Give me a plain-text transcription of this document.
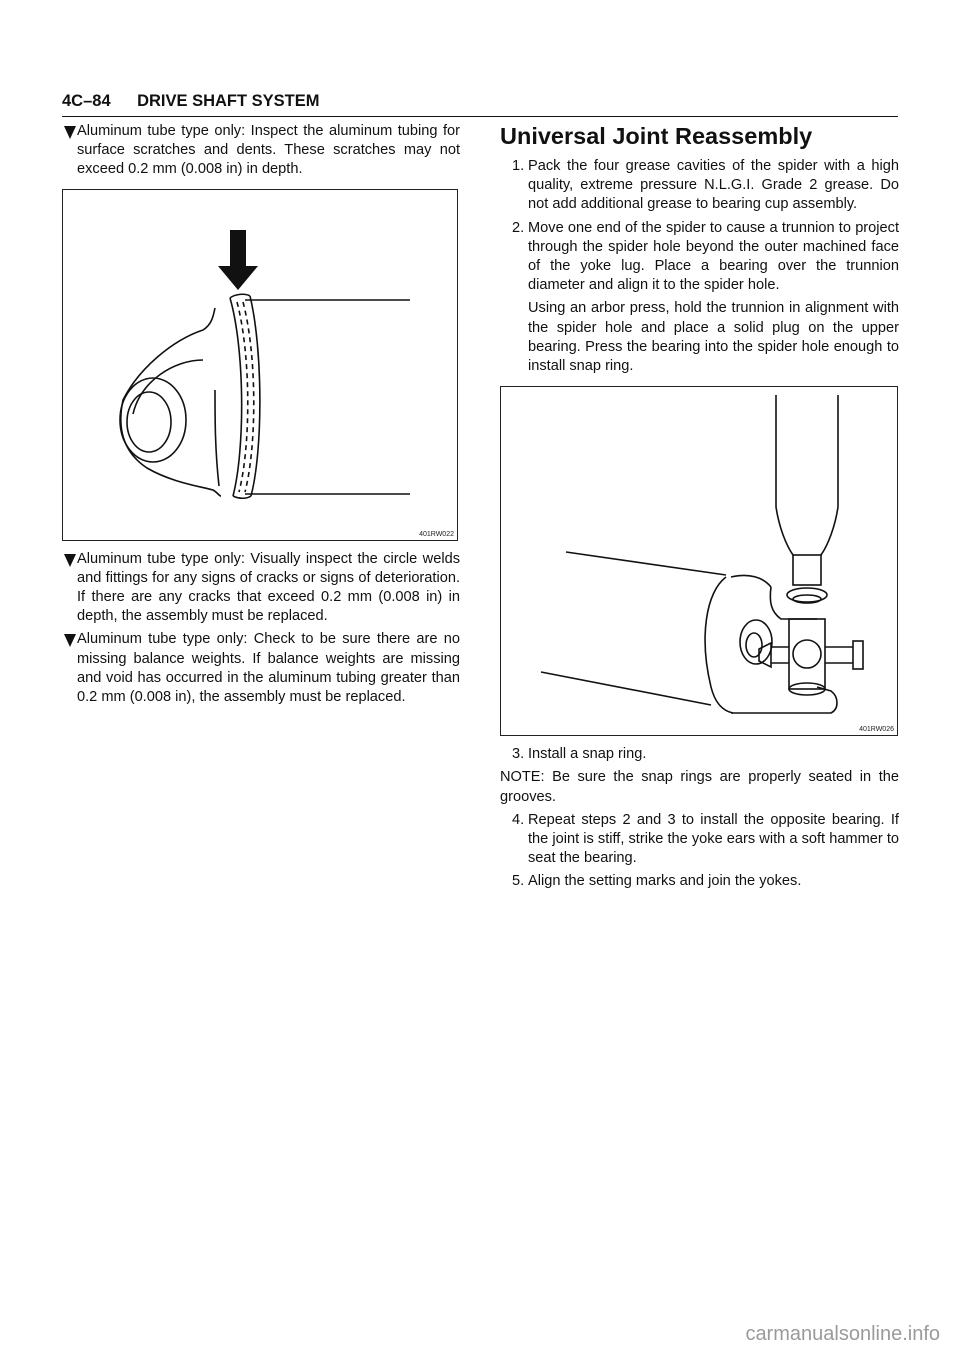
4C–84 DRIVE SHAFT SYSTEM
Aluminum tube type only: Inspect the aluminum tubing for surface scratches and dents. These scratches may not exceed 0.2 mm (0.008 in) in depth.
401RW022
Aluminum tube type only: Visually inspect the circle welds and fittings for any signs of cracks or signs of deterioration. If there are any cracks that exceed 0.2 mm (0.008 in) in depth, the assembly must be replaced.
Aluminum tube type only: Check to be sure there are no missing balance weights. If balance weights are missing and void has occurred in the aluminum tubing greater than 0.2 mm (0.008 in), the assembly must be replaced.
Universal Joint Reassembly
1. Pack the four grease cavities of the spider with a high quality, extreme pressure N.L.G.I. Grade 2 grease. Do not add additional grease to bearing cup assembly.
2. Move one end of the spider to cause a trunnion to project through the spider hole beyond the outer machined face of the yoke lug. Place a bearing over the trunnion diameter and align it to the spider hole.
Using an arbor press, hold the trunnion in alignment with the spider hole and place a solid plug on the upper bearing. Press the bearing into the spider hole enough to install snap ring.
401RW026
3. Install a snap ring.
NOTE: Be sure the snap rings are properly seated in the grooves.
4. Repeat steps 2 and 3 to install the opposite bearing. If the joint is stiff, strike the yoke ears with a soft hammer to seat the bearing.
5. Align the setting marks and join the yokes.
carmanualsonline.info
